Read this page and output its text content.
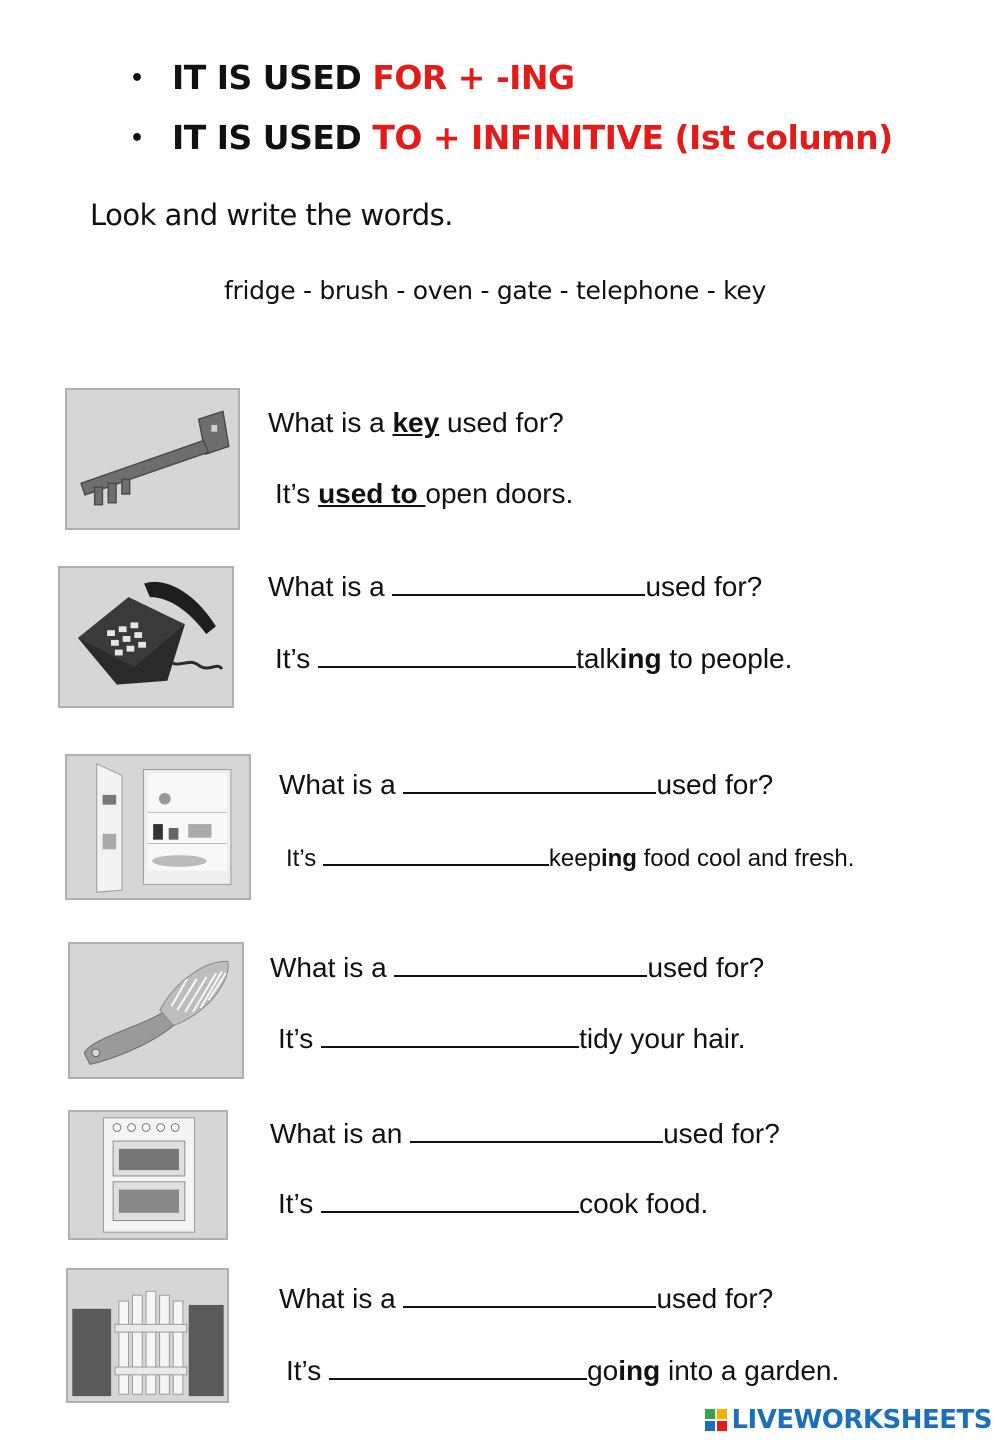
• IT IS USED FOR + -ING
• IT IS USED TO + INFINITIVE (Ist column)
Look and write the words.
fridge - brush - oven - gate - telephone - key
What is a key used for?
It’s used to open doors.
What is a	used for?
It’s	talking to people.
What is a	used for?
It’s	keeping food cool and fresh.
What is a	used for?
It’s	tidy your hair.
What is an	used for?
It’s	cook food.
What is a	used for?
It’s	going into a garden.
LIVEWORKSHEETS
